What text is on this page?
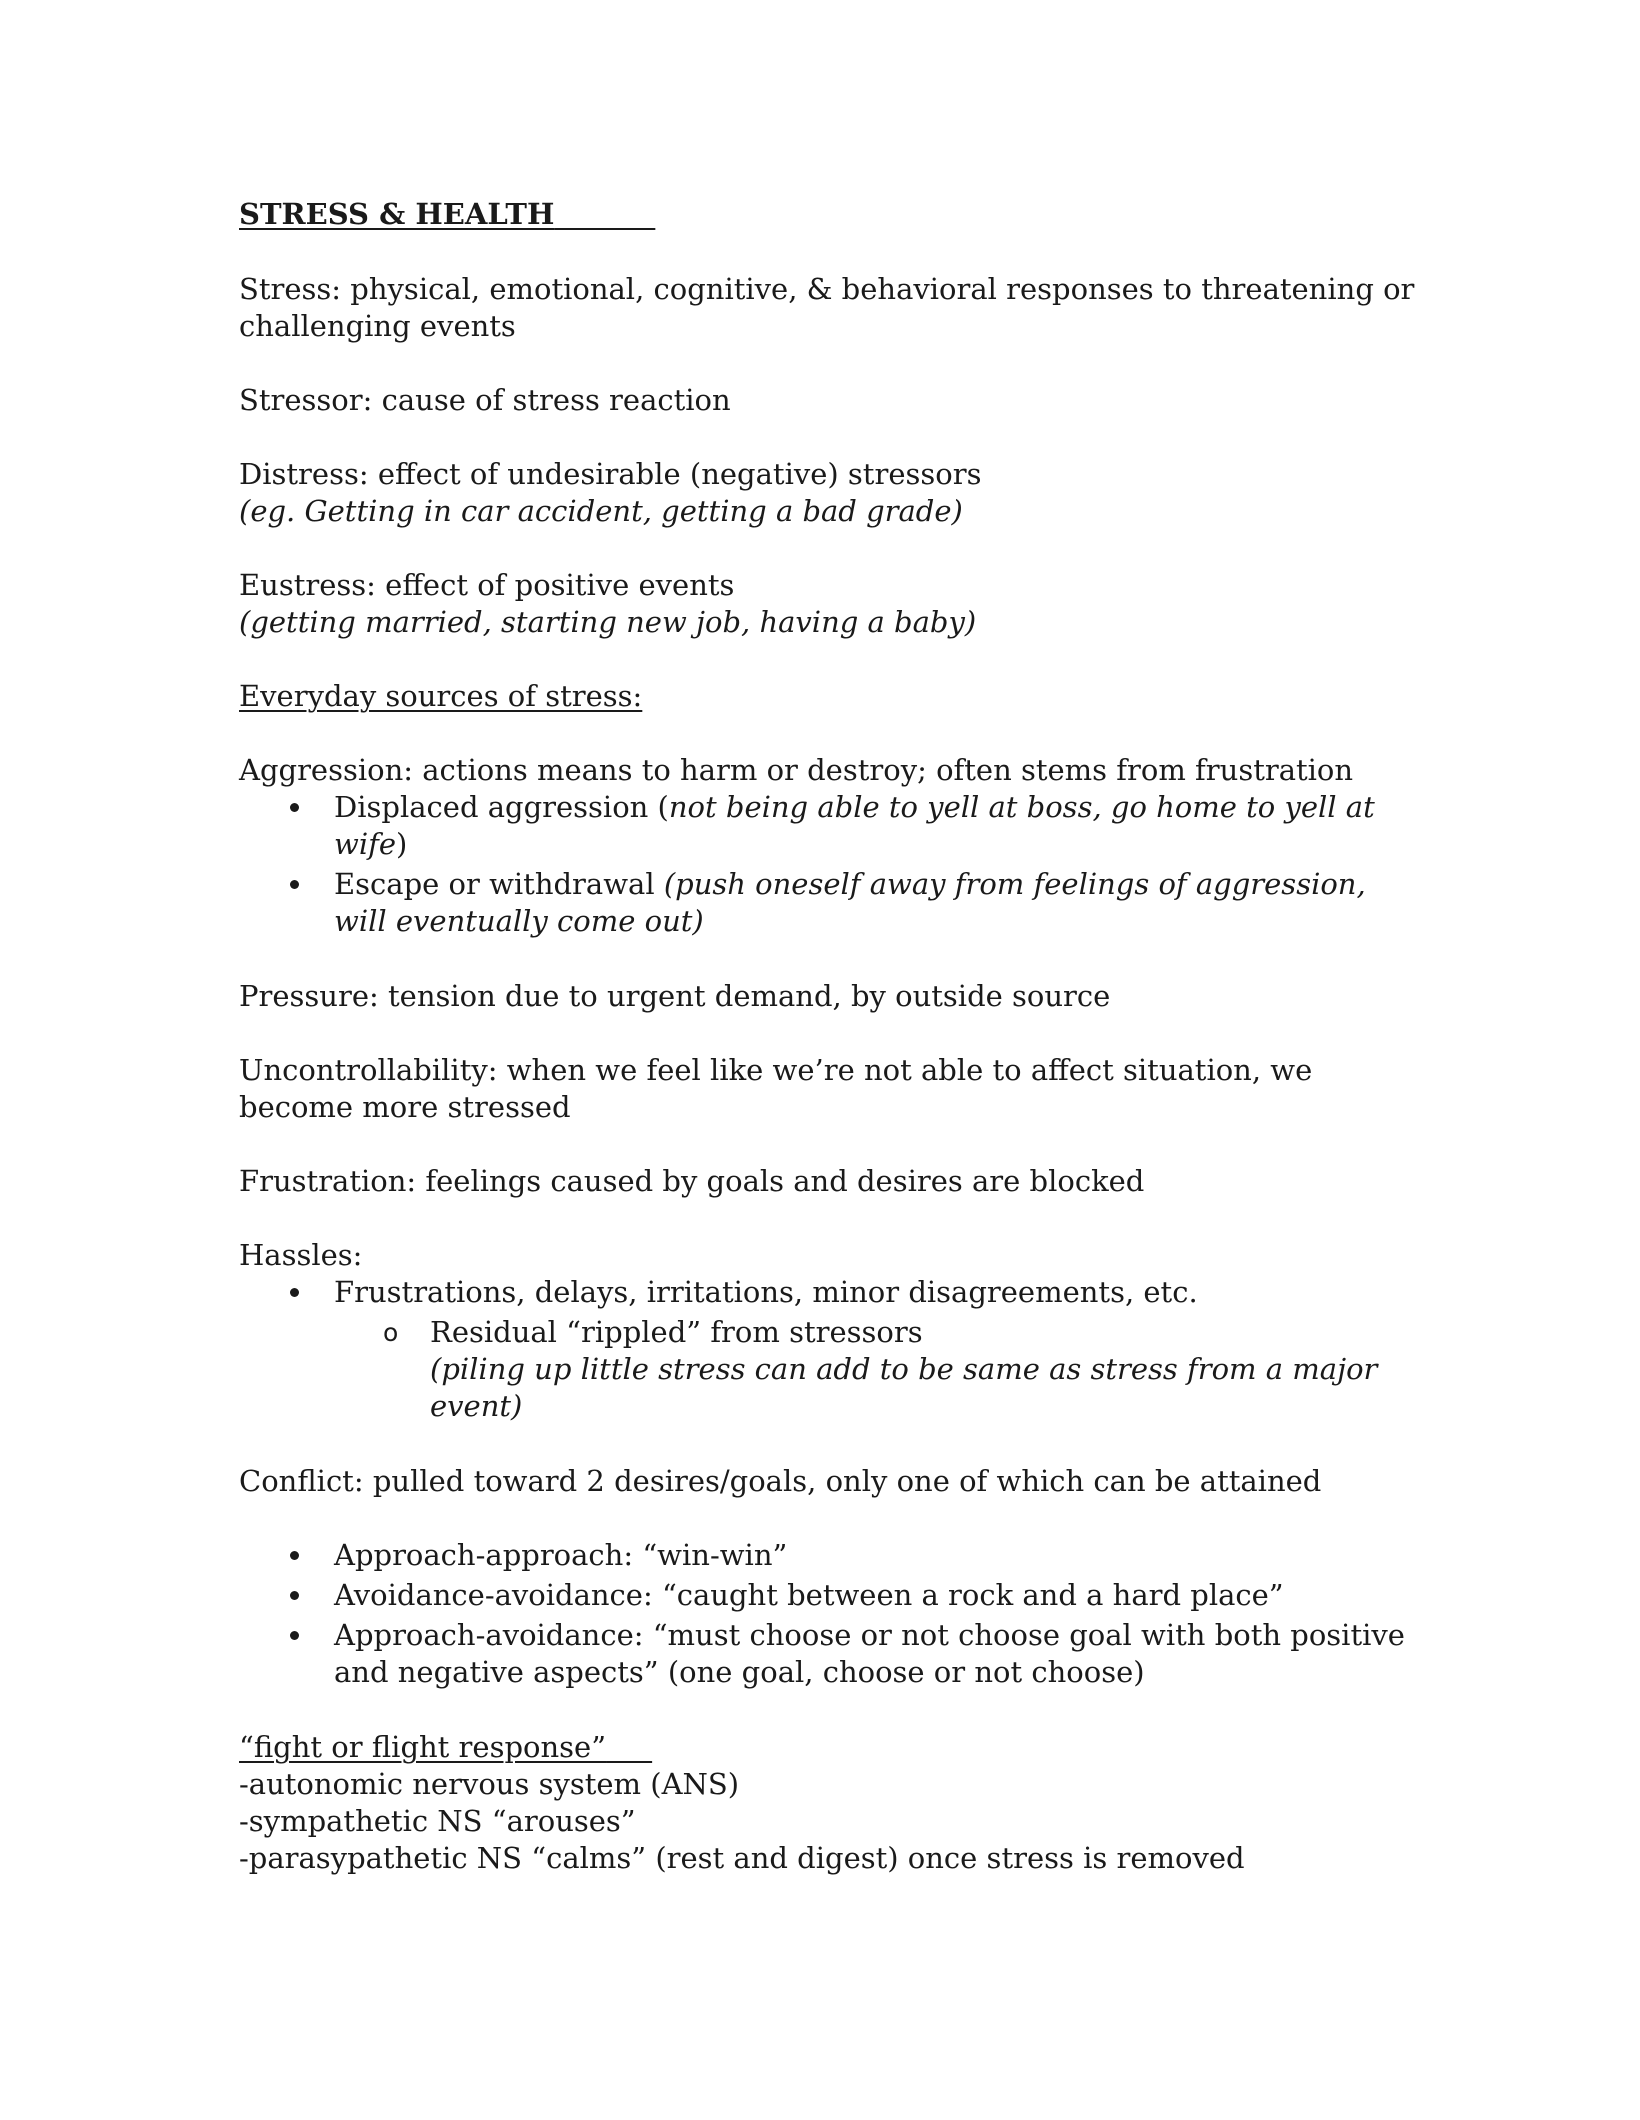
STRESS & HEALTH

Stress: physical, emotional, cognitive, & behavioral responses to threatening or challenging events

Stressor: cause of stress reaction

Distress: effect of undesirable (negative) stressors
(eg. Getting in car accident, getting a bad grade)
Eustress: effect of positive events
(getting married, starting new job, having a baby)

Everyday sources of stress:

Aggression: actions means to harm or destroy; often stems from frustration
Displaced aggression (not being able to yell at boss, go home to yell at wife)
Escape or withdrawal (push oneself away from feelings of aggression, will eventually come out)

Pressure: tension due to urgent demand, by outside source

Uncontrollability: when we feel like we’re not able to affect situation, we become more stressed

Frustration: feelings caused by goals and desires are blocked

Hassles:
Frustrations, delays, irritations, minor disagreements, etc.
o Residual “rippled” from stressors
(piling up little stress can add to be same as stress from a major event)
Conflict: pulled toward 2 desires/goals, only one of which can be attained
Approach-approach: “win-win”
Avoidance-avoidance: “caught between a rock and a hard place”
Approach-avoidance: “must choose or not choose goal with both positive and negative aspects” (one goal, choose or not choose)
“fight or flight response”
-autonomic nervous system (ANS)
-sympathetic NS “arouses”
-parasypathetic NS “calms” (rest and digest) once stress is removed
